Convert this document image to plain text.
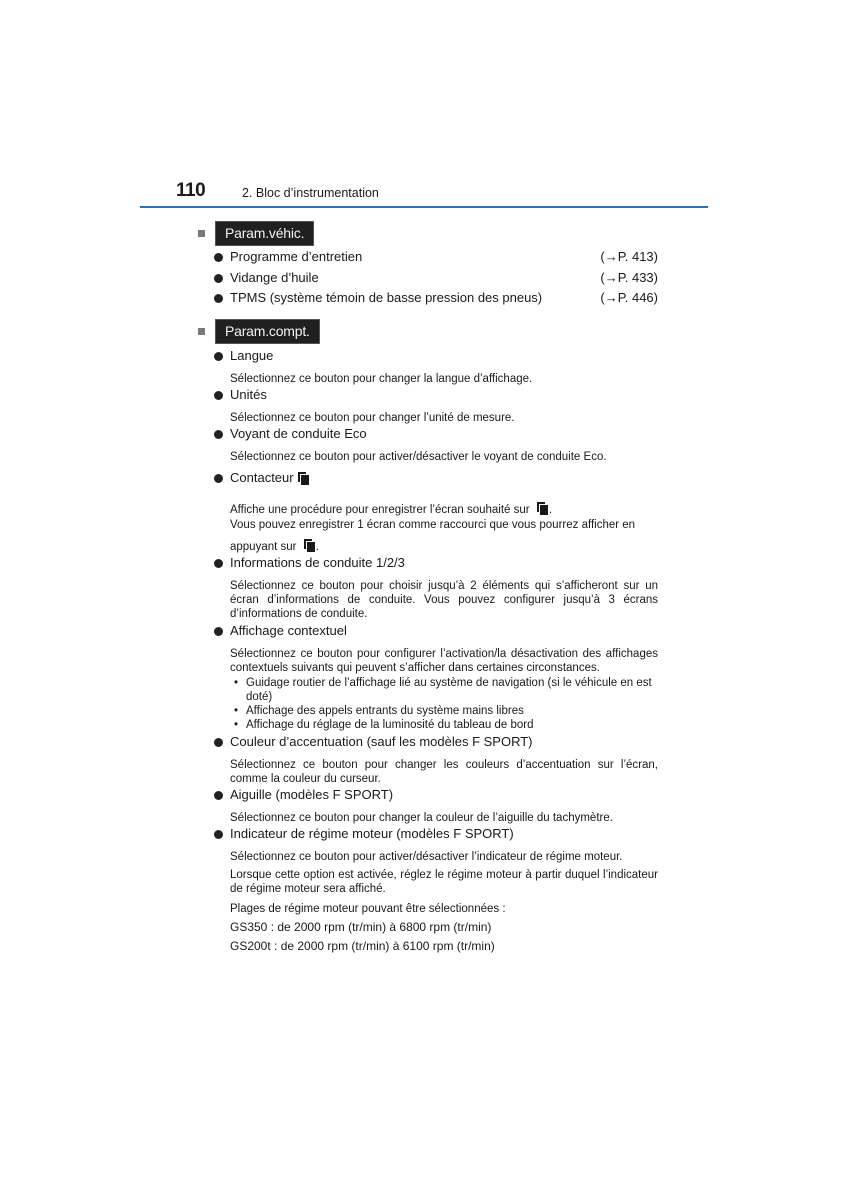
110	2. Bloc d’instrumentation
Param.véhic.
Programme d’entretien	(→P. 413)
Vidange d’huile	(→P. 433)
TPMS (système témoin de basse pression des pneus)	(→P. 446)
Param.compt.
Langue
Sélectionnez ce bouton pour changer la langue d’affichage.
Unités
Sélectionnez ce bouton pour changer l’unité de mesure.
Voyant de conduite Eco
Sélectionnez ce bouton pour activer/désactiver le voyant de conduite Eco.
Contacteur
Affiche une procédure pour enregistrer l’écran souhaité sur .
Vous pouvez enregistrer 1 écran comme raccourci que vous pourrez afficher en
appuyant sur .
Informations de conduite 1/2/3
Sélectionnez ce bouton pour choisir jusqu’à 2 éléments qui s’afficheront sur un écran d’informations de conduite. Vous pouvez configurer jusqu’à 3 écrans d’informations de conduite.
Affichage contextuel
Sélectionnez ce bouton pour configurer l’activation/la désactivation des affichages contextuels suivants qui peuvent s’afficher dans certaines circonstances.
• Guidage routier de l’affichage lié au système de navigation (si le véhicule en est
doté)
• Affichage des appels entrants du système mains libres
• Affichage du réglage de la luminosité du tableau de bord
Couleur d’accentuation (sauf les modèles F SPORT)
Sélectionnez ce bouton pour changer les couleurs d’accentuation sur l’écran, comme la couleur du curseur.
Aiguille (modèles F SPORT)
Sélectionnez ce bouton pour changer la couleur de l’aiguille du tachymètre.
Indicateur de régime moteur (modèles F SPORT)
Sélectionnez ce bouton pour activer/désactiver l’indicateur de régime moteur.
Lorsque cette option est activée, réglez le régime moteur à partir duquel l’indicateur de régime moteur sera affiché.
Plages de régime moteur pouvant être sélectionnées :
GS350 : de 2000 rpm (tr/min) à 6800 rpm (tr/min)
GS200t : de 2000 rpm (tr/min) à 6100 rpm (tr/min)
